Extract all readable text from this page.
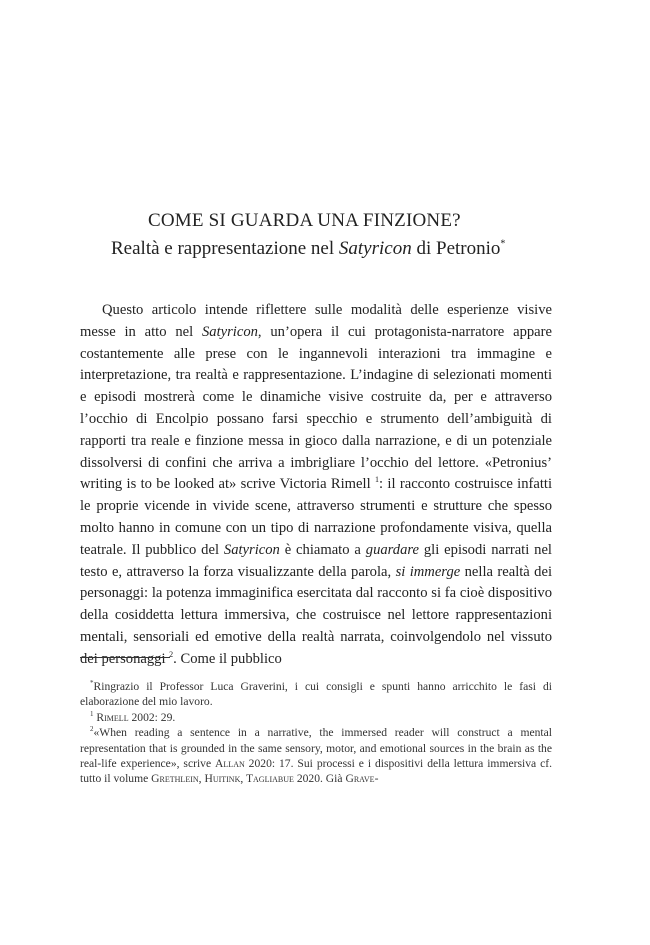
COME SI GUARDA UNA FINZIONE?
Realtà e rappresentazione nel Satyricon di Petronio*

Questo articolo intende riflettere sulle modalità delle esperienze visive messe in atto nel Satyricon, un’opera il cui protagonista-narratore appare costantemente alle prese con le ingannevoli interazioni tra immagine e interpretazione, tra realtà e rappresentazione. L’indagine di selezionati momenti e episodi mostrerà come le dinamiche visive costruite da, per e attraverso l’occhio di Encolpio possano farsi specchio e strumento dell’ambiguità di rapporti tra reale e finzione messa in gioco dalla narrazione, e di un potenziale dissolversi di confini che arriva a imbrigliare l’occhio del lettore. «Petronius’ writing is to be looked at» scrive Victoria Rimell $^1$: il racconto costruisce infatti le proprie vicende in vivide scene, attraverso strumenti e strutture che spesso molto hanno in comune con un tipo di narrazione profondamente visiva, quella teatrale. Il pubblico del Satyricon è chiamato a guardare gli episodi narrati nel testo e, attraverso la forza visualizzante della parola, si immerge nella realtà dei personaggi: la potenza immaginifica esercitata dal racconto si fa cioè dispositivo della cosiddetta lettura immersiva, che costruisce nel lettore rappresentazioni mentali, sensoriali ed emotive della realtà narrata, coinvolgendolo nel vissuto dei personaggi $^2$. Come il pubblico

*Ringrazio il Professor Luca Graverini, i cui consigli e spunti hanno arricchito le fasi di elaborazione del mio lavoro.

$^1$ Rimell 2002: 29.

$^2$«When reading a sentence in a narrative, the immersed reader will construct a mental representation that is grounded in the same sensory, motor, and emotional sources in the brain as the real-life experience», scrive Allan 2020: 17. Sui processi e i dispositivi della lettura immersiva cf. tutto il volume Grethlein, Huitink, Tagliabue 2020. Già Grave-
